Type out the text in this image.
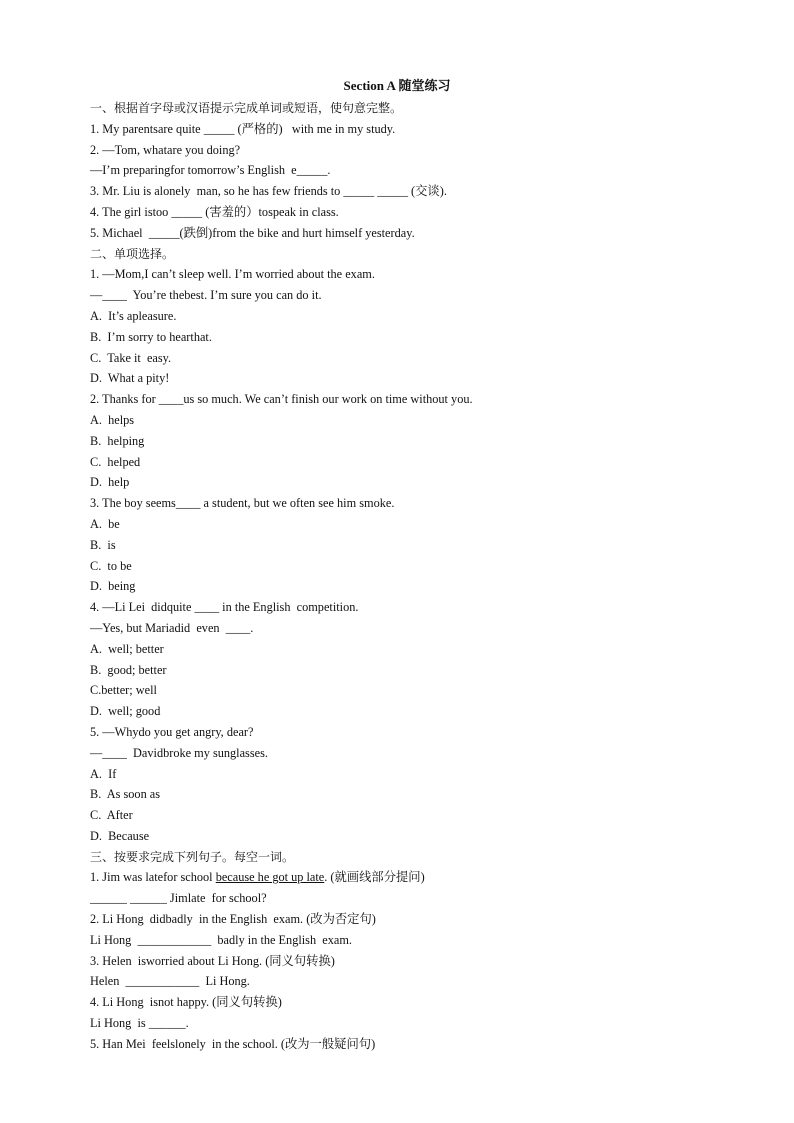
Section A 随堂练习
一、根据首字母或汉语提示完成单词或短语，使句意完整。
1. My parentsare quite _____ (严格的)   with me in my study.
2. —Tom, whatare you doing?
—I’m preparingfor tomorrow’s English  e_____.
3. Mr. Liu is alonely  man, so he has few friends to _____ _____ (交谈).
4. The girl istoo _____ (害羞的）tospeak in class.
5. Michael  _____(跌倒)from the bike and hurt himself yesterday.
二、单项选择。
1. —Mom,I can’t sleep well. I’m worried about the exam.
—____  You’re thebest. I’m sure you can do it.
A.  It’s apleasure.
B.  I’m sorry to hearthat.
C.  Take it  easy.
D.  What a pity!
2. Thanks for ____us so much. We can’t finish our work on time without you.
A.  helps
B.  helping
C.  helped
D.  help
3. The boy seems____ a student, but we often see him smoke.
A.  be
B.  is
C.  to be
D.  being
4. —Li Lei  didquite ____ in the English  competition.
—Yes, but Mariadid  even  ____.
A.  well; better
B.  good; better
C.better; well
D.  well; good
5. —Whydo you get angry, dear?
—____  Davidbroke my sunglasses.
A.  If
B.  As soon as
C.  After
D.  Because
三、按要求完成下列句子。每空一词。
1. Jim was latefor school because he got up late. (就画线部分提问)
______ ______ Jimlate  for school?
2. Li Hong  didbadly  in the English  exam. (改为否定句)
Li Hong  ____________  badly in the English  exam.
3. Helen  isworried about Li Hong. (同义句转换)
Helen  ____________  Li Hong.
4. Li Hong  isnot happy. (同义句转换)
Li Hong  is ______.
5. Han Mei  feelslonely  in the school. (改为一般疑问句)
